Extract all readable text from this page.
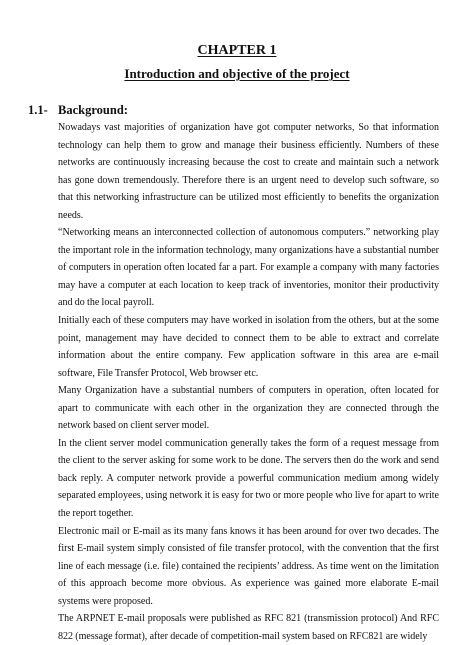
CHAPTER 1
Introduction and objective of the project
1.1- Background:

Nowadays vast majorities of organization have got computer networks, So that information technology can help them to grow and manage their business efficiently. Numbers of these networks are continuously increasing because the cost to create and maintain such a network has gone down tremendously. Therefore there is an urgent need to develop such software, so that this networking infrastructure can be utilized most efficiently to benefits the organization needs.

“Networking means an interconnected collection of autonomous computers.” networking play the important role in the information technology, many organizations have a substantial number of computers in operation often located far a part. For example a company with many factories may have a computer at each location to keep track of inventories, monitor their productivity and do the local payroll.

Initially each of these computers may have worked in isolation from the others, but at the some point, management may have decided to connect them to be able to extract and correlate information about the entire company. Few application software in this area are e-mail software, File Transfer Protocol, Web browser etc.

Many Organization have a substantial numbers of computers in operation, often located for apart to communicate with each other in the organization they are connected through the network based on client server model.

In the client server model communication generally takes the form of a request message from the client to the server asking for some work to be done. The servers then do the work and send back reply. A computer network provide a powerful communication medium among widely separated employees, using network it is easy for two or more people who live for apart to write the report together.

Electronic mail or E-mail as its many fans knows it has been around for over two decades. The first E-mail system simply consisted of file transfer protocol, with the convention that the first line of each message (i.e. file) contained the recipients’ address. As time went on the limitation of this approach become more obvious. As experience was gained more elaborate E-mail systems were proposed.

The ARPNET E-mail proposals were published as RFC 821 (transmission protocol) And RFC 822 (message format), after decade of competition-mail system based on RFC821 are widely
